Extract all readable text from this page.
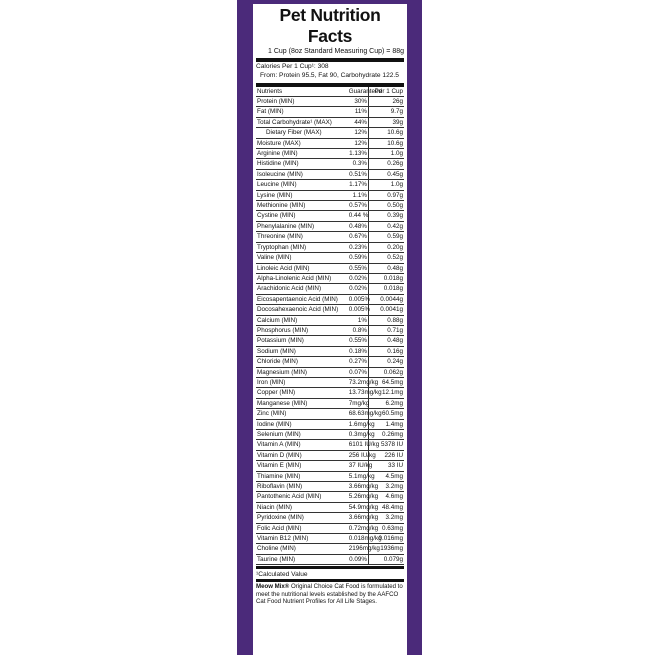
Pet Nutrition Facts
1 Cup (8oz Standard Measuring Cup) = 88g
Calories Per 1 Cup¹: 308
From: Protein 95.5, Fat 90, Carbohydrate 122.5
Nutrients	Guaranteed	Per 1 Cup
Protein (MIN)	30%	26g
Fat (MIN)	11%	9.7g
Total Carbohydrate¹ (MAX)	44%	39g
Dietary Fiber (MAX)	12%	10.6g
Moisture (MAX)	12%	10.6g
Arginine (MIN)	1.13%	1.0g
Histidine (MIN)	0.3%	0.26g
Isoleucine (MIN)	0.51%	0.45g
Leucine (MIN)	1.17%	1.0g
Lysine (MIN)	1.1%	0.97g
Methionine (MIN)	0.57%	0.50g
Cystine (MIN)	0.44 %	0.39g
Phenylalanine (MIN)	0.48%	0.42g
Threonine (MIN)	0.67%	0.59g
Tryptophan (MIN)	0.23%	0.20g
Valine (MIN)	0.59%	0.52g
Linoleic Acid (MIN)	0.55%	0.48g
Alpha-Linolenic Acid (MIN)	0.02%	0.018g
Arachidonic Acid (MIN)	0.02%	0.018g
Eicosapentaenoic Acid (MIN)	0.005%	0.0044g
Docosahexaenoic Acid (MIN)	0.005%	0.0041g
Calcium (MIN)	1%	0.88g
Phosphorus (MIN)	0.8%	0.71g
Potassium (MIN)	0.55%	0.48g
Sodium (MIN)	0.18%	0.16g
Chloride (MIN)	0.27%	0.24g
Magnesium (MIN)	0.07%	0.062g
Iron (MIN)	73.2mg/kg	64.5mg
Copper (MIN)	13.73mg/kg	12.1mg
Manganese (MIN)	7mg/kg	6.2mg
Zinc (MIN)	68.63mg/kg	60.5mg
Iodine (MIN)	1.6mg/kg	1.4mg
Selenium (MIN)	0.3mg/kg	0.26mg
Vitamin A (MIN)	6101 IU/kg	5378 IU
Vitamin D (MIN)	256 IU/kg	226 IU
Vitamin E (MIN)	37 IU/kg	33 IU
Thiamine (MIN)	5.1mg/kg	4.5mg
Riboflavin (MIN)	3.66mg/kg	3.2mg
Pantothenic Acid (MIN)	5.26mg/kg	4.6mg
Niacin (MIN)	54.9mg/kg	48.4mg
Pyridoxine (MIN)	3.66mg/kg	3.2mg
Folic Acid (MIN)	0.72mg/kg	0.63mg
Vitamin B12 (MIN)	0.018mg/kg	0.016mg
Choline (MIN)	2196mg/kg	1936mg
Taurine (MIN)	0.09%	0.079g
¹Calculated Value
Meow Mix® Original Choice Cat Food is formulated to meet the nutritional levels established by the AAFCO Cat Food Nutrient Profiles for All Life Stages.
